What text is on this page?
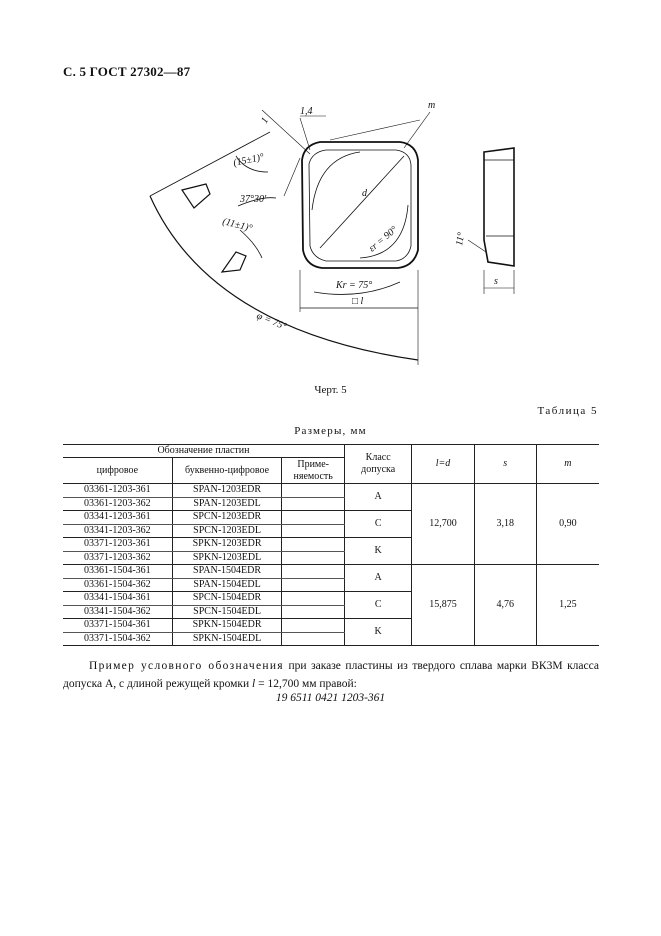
С. 5 ГОСТ 27302—87
(15±1)°
(11±1)°
37°30′
φ = 75°
Kr = 75°
εr = 90°
1,4
1
m
d
□ l
11°
s
Черт. 5
Таблица 5
Размеры, мм
Обозначение пластин			Класс
допуска	l=d	s	m
цифровое	буквенно-цифровое	Приме-
няемость				
03361-1203-361	SPAN-1203EDR		A	12,700	3,18	0,90
03361-1203-362	SPAN-1203EDL					
03341-1203-361	SPCN-1203EDR		C			
03341-1203-362	SPCN-1203EDL					
03371-1203-361	SPKN-1203EDR		K			
03371-1203-362	SPKN-1203EDL					
03361-1504-361	SPAN-1504EDR		A	15,875	4,76	1,25
03361-1504-362	SPAN-1504EDL					
03341-1504-361	SPCN-1504EDR		C			
03341-1504-362	SPCN-1504EDL					
03371-1504-361	SPKN-1504EDR		K			
03371-1504-362	SPKN-1504EDL					
Пример условного обозначения при заказе пластины из твердого сплава марки ВК3М класса допуска А, с длиной режущей кромки l = 12,700 мм правой:
19 6511 0421 1203-361
